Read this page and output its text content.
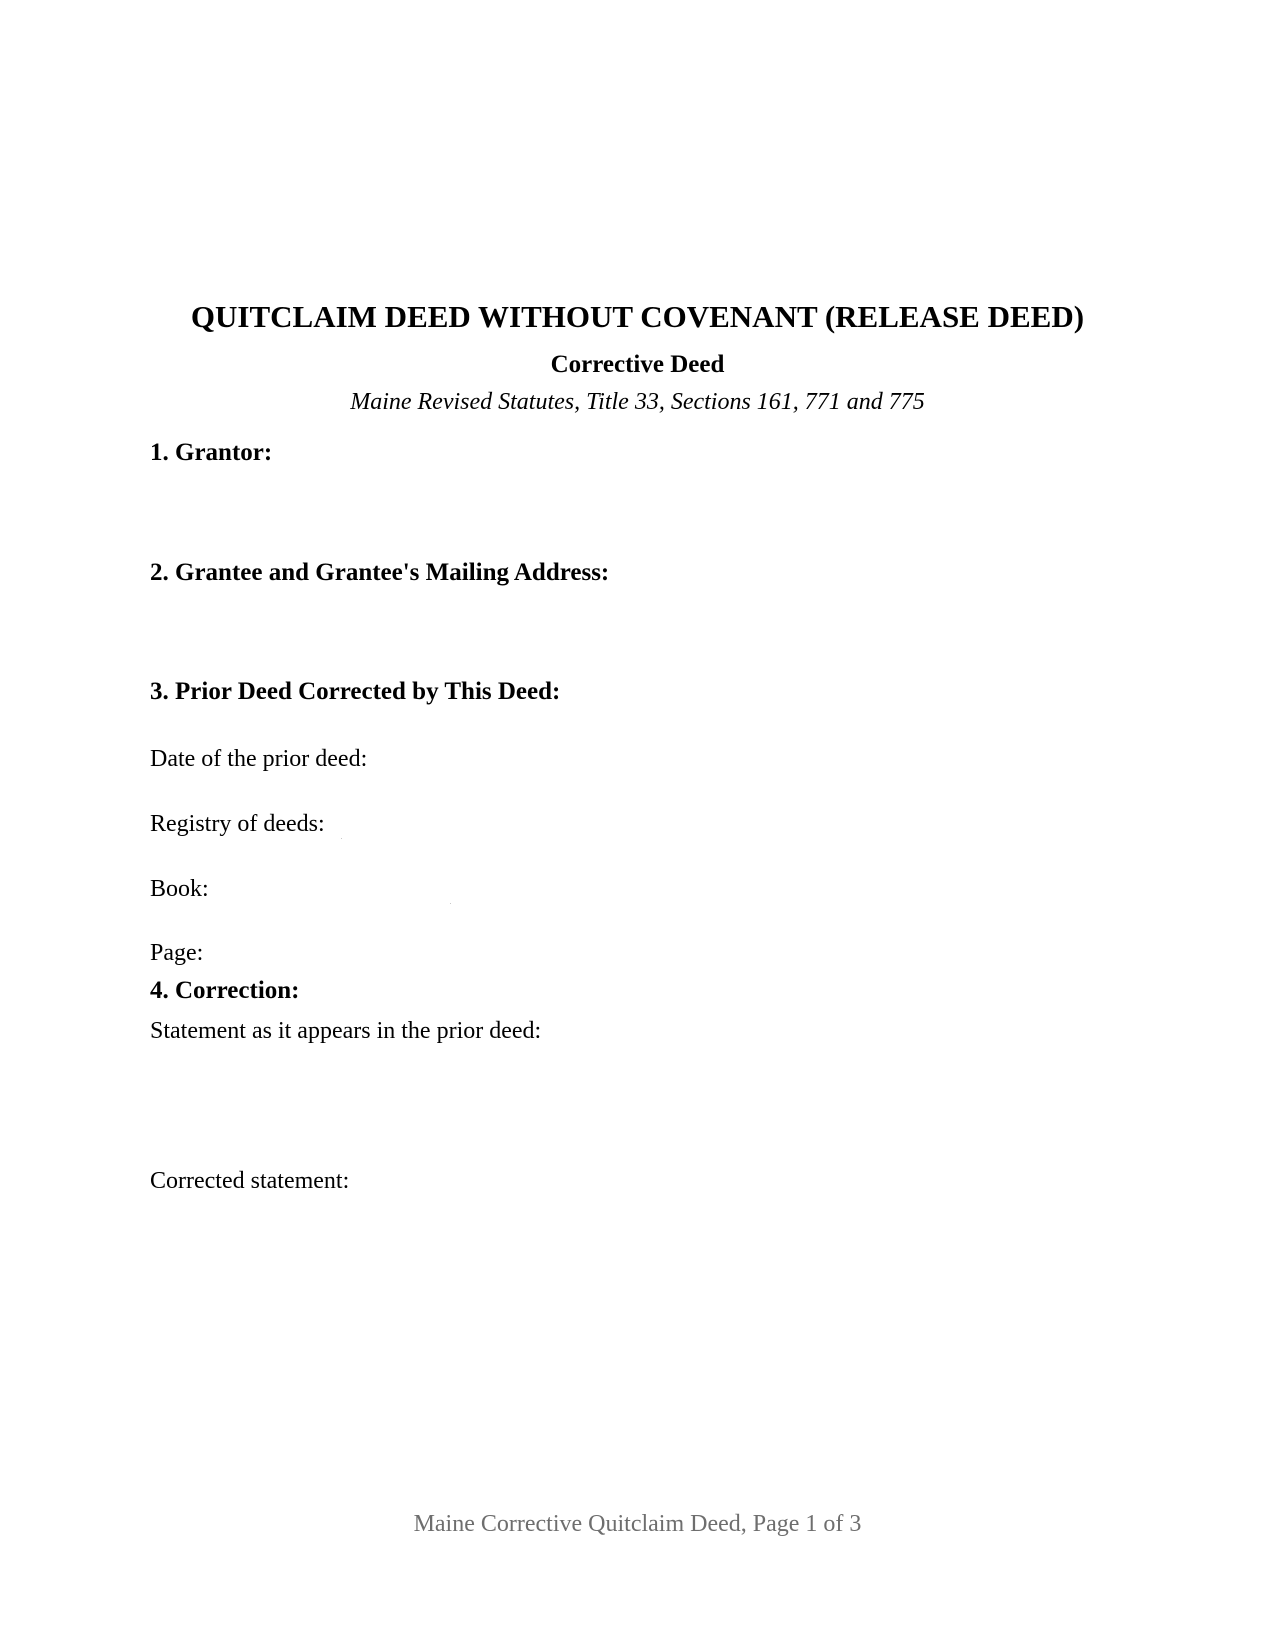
QUITCLAIM DEED WITHOUT COVENANT (RELEASE DEED)
Corrective Deed
Maine Revised Statutes, Title 33, Sections 161, 771 and 775
1. Grantor:
2. Grantee and Grantee's Mailing Address:
3. Prior Deed Corrected by This Deed:
Date of the prior deed:
Registry of deeds:
Book:
Page:
4. Correction:
Statement as it appears in the prior deed:
Corrected statement:
Maine Corrective Quitclaim Deed, Page 1 of 3
